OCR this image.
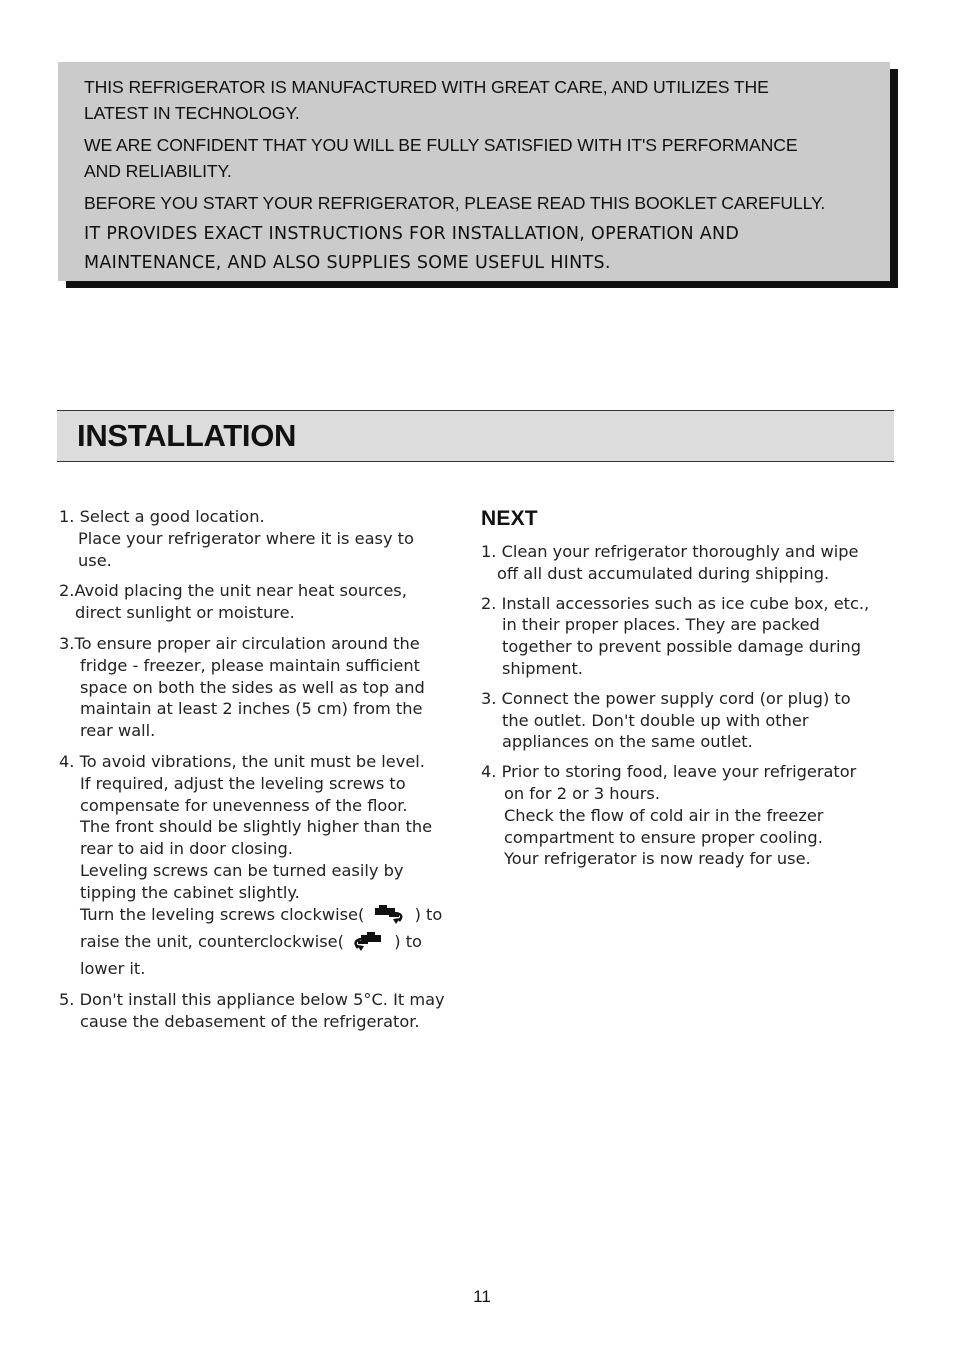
THIS REFRIGERATOR IS MANUFACTURED WITH GREAT CARE, AND UTILIZES THE
LATEST IN TECHNOLOGY.

WE ARE CONFIDENT THAT YOU WILL BE FULLY SATISFIED WITH IT'S PERFORMANCE
AND RELIABILITY.

BEFORE YOU START YOUR REFRIGERATOR, PLEASE READ THIS BOOKLET CAREFULLY.

IT PROVIDES EXACT INSTRUCTIONS FOR INSTALLATION, OPERATION AND
MAINTENANCE, AND ALSO SUPPLIES SOME USEFUL HINTS.

INSTALLATION
1. Select a good location.
Place your refrigerator where it is easy to
use.
2.Avoid placing the unit near heat sources,
direct sunlight or moisture.
3.To ensure proper air circulation around the
fridge - freezer, please maintain sufficient
space on both the sides as well as top and
maintain at least 2 inches (5 cm) from the
rear wall.
4. To avoid vibrations, the unit must be level.
If required, adjust the leveling screws to
compensate for unevenness of the floor.
The front should be slightly higher than the
rear to aid in door closing.
Leveling screws can be turned easily by
tipping the cabinet slightly.
Turn the leveling screws clockwise(	) to
raise the unit, counterclockwise(	) to
lower it.
5. Don't install this appliance below 5°C. It may
cause the debasement of the refrigerator.
NEXT
1. Clean your refrigerator thoroughly and wipe
off all dust accumulated during shipping.
2. Install accessories such as ice cube box, etc.,
in their proper places. They are packed
together to prevent possible damage during
shipment.
3. Connect the power supply cord (or plug) to
the outlet. Don't double up with other
appliances on the same outlet.
4. Prior to storing food, leave your refrigerator
on for 2 or 3 hours.
Check the flow of cold air in the freezer
compartment to ensure proper cooling.
Your refrigerator is now ready for use.
11
